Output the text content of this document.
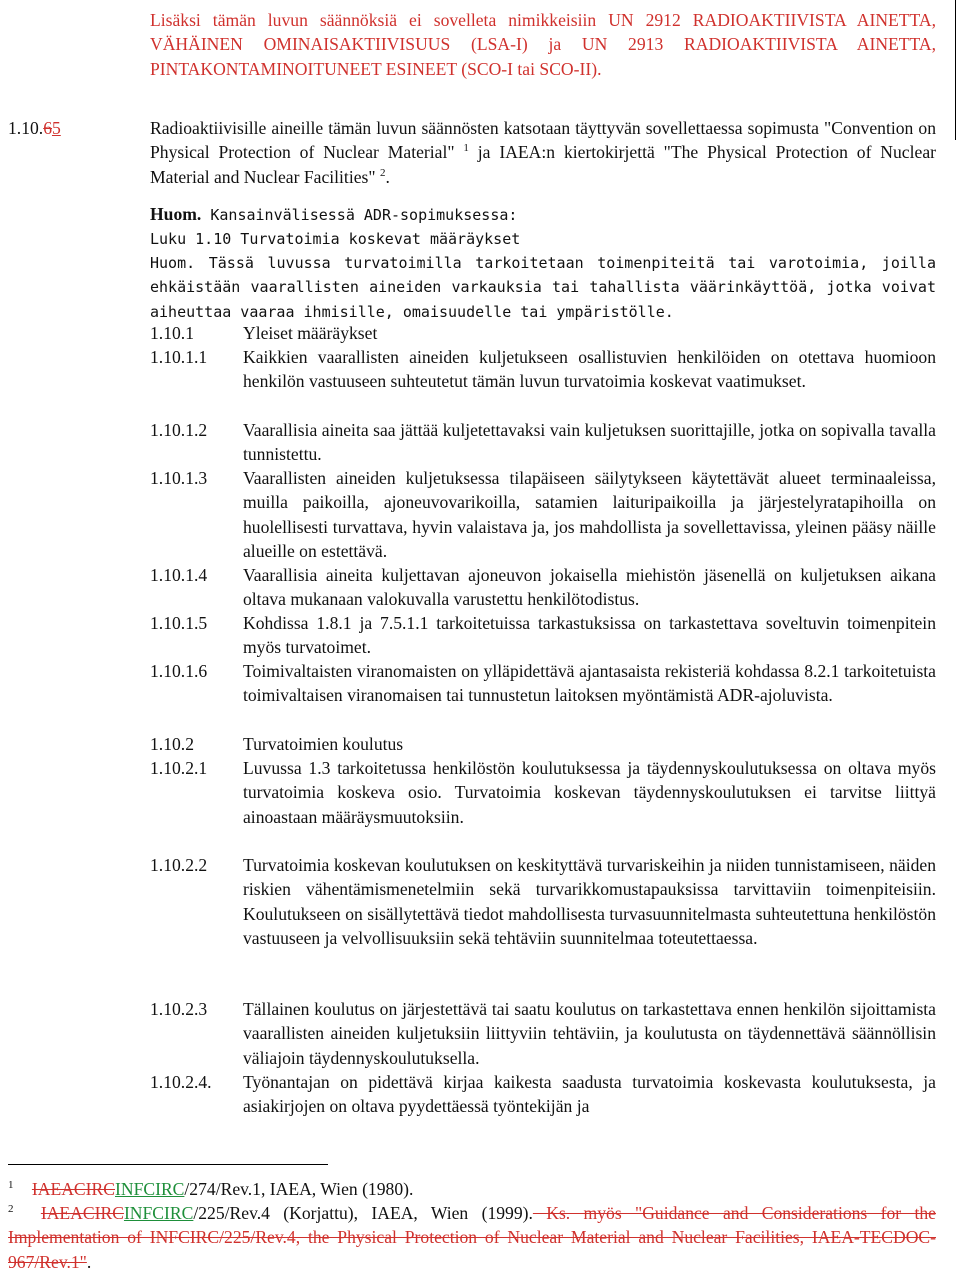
Lisäksi tämän luvun säännöksiä ei sovelleta nimikkeisiin UN 2912 RADIOAKTIIVISTA AINETTA, VÄHÄINEN OMINAISAKTIIVISUUS (LSA-I) ja UN 2913 RADIOAKTIIVISTA AINETTA, PINTAKONTAMINOITUNEET ESINEET (SCO-I tai SCO-II).
1.10.65	Radioaktiivisille aineille tämän luvun säännösten katsotaan täyttyvän sovellettaessa sopimusta "Convention on Physical Protection of Nuclear Material" $^1$ ja IAEA:n kiertokirjettä "The Physical Protection of Nuclear Material and Nuclear Facilities" $^2$.
Huom. Kansainvälisessä ADR-sopimuksessa:
Luku 1.10 Turvatoimia koskevat määräykset
Huom. Tässä luvussa turvatoimilla tarkoitetaan toimenpiteitä tai varotoimia, joilla ehkäistään vaarallisten aineiden varkauksia tai tahallista väärinkäyttöä, jotka voivat aiheuttaa vaaraa ihmisille, omaisuudelle tai ympäristölle.
1.10.1	Yleiset määräykset
1.10.1.1 Kaikkien vaarallisten aineiden kuljetukseen osallistuvien henkilöiden on otettava huomioon henkilön vastuuseen suhteutetut tämän luvun turvatoimia koskevat vaatimukset.
1.10.1.2 Vaarallisia aineita saa jättää kuljetettavaksi vain kuljetuksen suorittajille, jotka on sopivalla tavalla tunnistettu.
1.10.1.3 Vaarallisten aineiden kuljetuksessa tilapäiseen säilytykseen käytettävät alueet terminaaleissa, muilla paikoilla, ajoneuvovarikoilla, satamien laituripaikoilla ja järjestelyratapihoilla on huolellisesti turvattava, hyvin valaistava ja, jos mahdollista ja sovellettavissa, yleinen pääsy näille alueille on estettävä.
1.10.1.4 Vaarallisia aineita kuljettavan ajoneuvon jokaisella miehistön jäsenellä on kuljetuksen aikana oltava mukanaan valokuvalla varustettu henkilötodistus.
1.10.1.5 Kohdissa 1.8.1 ja 7.5.1.1 tarkoitetuissa tarkastuksissa on tarkastettava soveltuvin toimenpitein myös turvatoimet.
1.10.1.6 Toimivaltaisten viranomaisten on ylläpidettävä ajantasaista rekisteriä kohdassa 8.2.1 tarkoitetuista toimivaltaisen viranomaisen tai tunnustetun laitoksen myöntämistä ADR-ajoluvista.
1.10.2	Turvatoimien koulutus
1.10.2.1 Luvussa 1.3 tarkoitetussa henkilöstön koulutuksessa ja täydennyskoulutuksessa on oltava myös turvatoimia koskeva osio. Turvatoimia koskevan täydennyskoulutuksen ei tarvitse liittyä ainoastaan määräysmuutoksiin.
1.10.2.2 Turvatoimia koskevan koulutuksen on keskityttävä turvariskeihin ja niiden tunnistamiseen, näiden riskien vähentämismenetelmiin sekä turvarikkomustapauksissa tarvittaviin toimenpiteisiin. Koulutukseen on sisällytettävä tiedot mahdollisesta turvasuunnitelmasta suhteutettuna henkilöstön vastuuseen ja velvollisuuksiin sekä tehtäviin suunnitelmaa toteutettaessa.
1.10.2.3 Tällainen koulutus on järjestettävä tai saatu koulutus on tarkastettava ennen henkilön sijoittamista vaarallisten aineiden kuljetuksiin liittyviin tehtäviin, ja koulutusta on täydennettävä säännöllisin väliajoin täydennyskoulutuksella.
1.10.2.4. Työnantajan on pidettävä kirjaa kaikesta saadusta turvatoimia koskevasta koulutuksesta, ja asiakirjojen on oltava pyydettäessä työntekijän ja
$^1$ IAEACIRCINFCIRC/274/Rev.1, IAEA, Wien (1980).
$^2$ IAEACIRCINFCIRC/225/Rev.4 (Korjattu), IAEA, Wien (1999). Ks. myös "Guidance and Considerations for the Implementation of INFCIRC/225/Rev.4, the Physical Protection of Nuclear Material and Nuclear Facilities, IAEA-TECDOC-967/Rev.1".
